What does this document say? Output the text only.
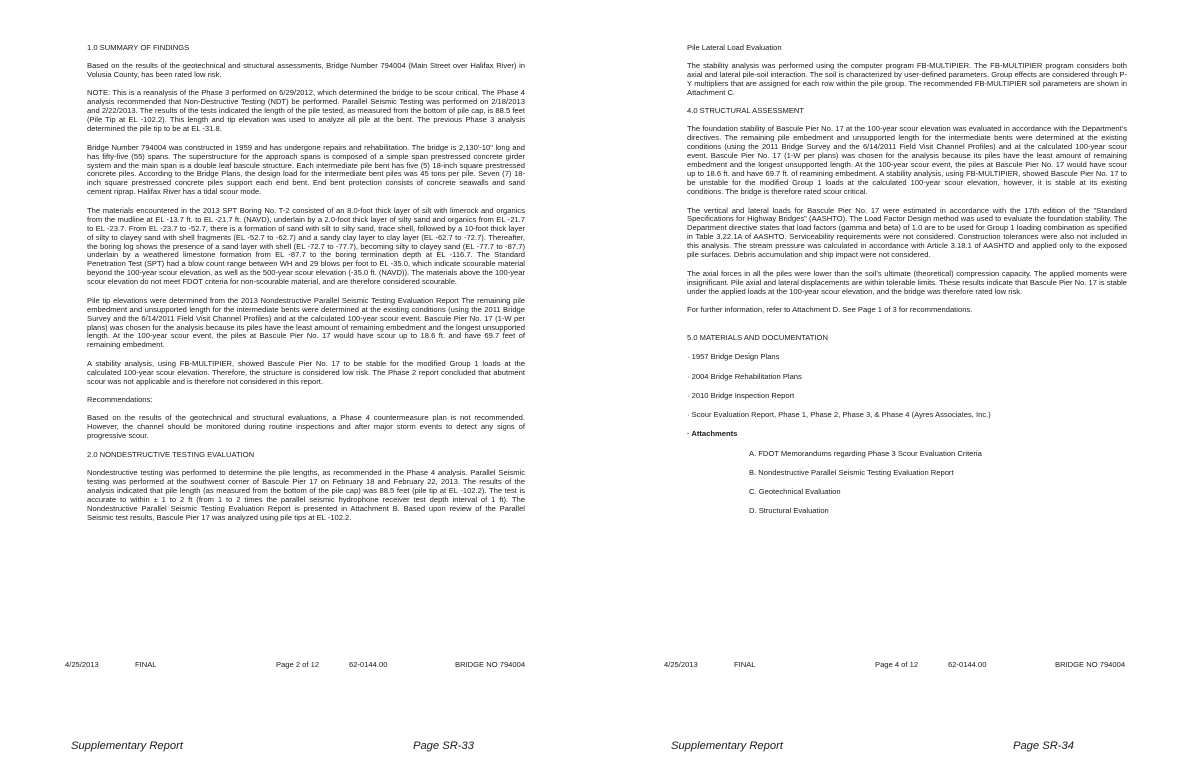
1.0 SUMMARY OF FINDINGS

Based on the results of the geotechnical and structural assessments, Bridge Number 794004 (Main Street over Halifax River) in Volusia County, has been rated low risk.

NOTE: This is a reanalysis of the Phase 3 performed on 6/29/2012, which determined the bridge to be scour critical. The Phase 4 analysis recommended that Non-Destructive Testing (NDT) be performed. Parallel Seismic Testing was performed on 2/18/2013 and 2/22/2013. The results of the tests indicated the length of the pile tested, as measured from the bottom of pile cap, is 88.5 feet (Pile Tip at EL -102.2). This length and tip elevation was used to analyze all pile at the bent. The previous Phase 3 analysis determined the pile tip to be at EL -31.8.

Bridge Number 794004 was constructed in 1959 and has undergone repairs and rehabilitation. The bridge is 2,130'-10" long and has fifty-five (55) spans. The superstructure for the approach spans is composed of a simple span prestressed concrete girder system and the main span is a double leaf bascule structure. Each intermediate pile bent has five (5) 18-inch square prestressed concrete piles. According to the Bridge Plans, the design load for the intermediate bent piles was 45 tons per pile. Seven (7) 18-inch square prestressed concrete piles support each end bent. End bent protection consists of concrete seawalls and sand cement riprap. Halifax River has a tidal scour mode.

The materials encountered in the 2013 SPT Boring No. T-2 consisted of an 8.0-foot thick layer of silt with limerock and organics from the mudline at EL -13.7 ft. to EL -21.7 ft. (NAVD), underlain by a 2.0-foot thick layer of silty sand and organics from EL -21.7 to EL -23.7. From EL -23.7 to -52.7, there is a formation of sand with silt to silty sand, trace shell, followed by a 10-foot thick layer of silty to clayey sand with shell fragments (EL -52.7 to -62.7) and a sandy clay layer to clay layer (EL -62.7 to -72.7). Thereafter, the boring log shows the presence of a sand layer with shell (EL -72.7 to -77.7), becoming silty to clayey sand (EL -77.7 to -87.7) underlain by a weathered limestone formation from EL -87.7 to the boring termination depth at EL -116.7. The Standard Penetration Test (SPT) had a blow count range between WH and 29 blows per foot to EL -35.0, which indicate scourable material beyond the 100-year scour elevation, as well as the 500-year scour elevation (-35.0 ft. (NAVD)). The materials above the 100-year scour elevation do not meet FDOT criteria for non-scourable material, and are therefore considered scourable.

Pile tip elevations were determined from the 2013 Nondestructive Parallel Seismic Testing Evaluation Report The remaining pile embedment and unsupported length for the intermediate bents were determined at the existing conditions (using the 2011 Bridge Survey and the 6/14/2011 Field Visit Channel Profiles) and at the calculated 100-year scour event. Bascule Pier No. 17 (1-W per plans) was chosen for the analysis because its piles have the least amount of remaining embedment and the longest unsupported length. At the 100-year scour event, the piles at Bascule Pier No. 17 would have scour up to 18.6 ft. and have 69.7 feet of remaining embedment.

A stability analysis, using FB-MULTIPIER, showed Bascule Pier No. 17 to be stable for the modified Group 1 loads at the calculated 100-year scour elevation. Therefore, the structure is considered low risk. The Phase 2 report concluded that abutment scour was not applicable and is therefore not considered in this report.

Recommendations:

Based on the results of the geotechnical and structural evaluations, a Phase 4 countermeasure plan is not recommended. However, the channel should be monitored during routine inspections and after major storm events to detect any signs of progressive scour.

2.0 NONDESTRUCTIVE TESTING EVALUATION

Nondestructive testing was performed to determine the pile lengths, as recommended in the Phase 4 analysis. Parallel Seismic testing was performed at the southwest corner of Bascule Pier 17 on February 18 and February 22, 2013. The results of the analysis indicated that pile length (as measured from the bottom of the pile cap) was 88.5 feet (pile tip at EL -102.2). The test is accurate to within ± 1 to 2 ft (from 1 to 2 times the parallel seismic hydrophone receiver test depth interval of 1 ft). The Nondestructive Parallel Seismic Testing Evaluation Report is presented in Attachment B. Based upon review of the Parallel Seismic test results, Bascule Pier 17 was analyzed using pile tips at EL -102.2.

4/25/2013	FINAL	Page 2 of 12	62-0144.00	BRIDGE NO 794004
Supplementary Report	Page SR-33
Pile Lateral Load Evaluation

The stability analysis was performed using the computer program FB-MULTIPIER. The FB-MULTIPIER program considers both axial and lateral pile-soil interaction. The soil is characterized by user-defined parameters. Group effects are considered through P-Y multipliers that are assigned for each row within the pile group. The recommended FB-MULTIPIER soil parameters are shown in Attachment C.

4.0 STRUCTURAL ASSESSMENT

The foundation stability of Bascule Pier No. 17 at the 100-year scour elevation was evaluated in accordance with the Department's directives. The remaining pile embedment and unsupported length for the intermediate bents were determined at the existing conditions (using the 2011 Bridge Survey and the 6/14/2011 Field Visit Channel Profiles) and at the calculated 100-year scour event. Bascule Pier No. 17 (1-W per plans) was chosen for the analysis because its piles have the least amount of remaining embedment and the longest unsupported length. At the 100-year scour event, the piles at Bascule Pier No. 17 would have scour up to 18.6 ft. and have 69.7 ft. of reamining embedment. A stability analysis, using FB-MULTIPIER, showed Bascule Pier No. 17 to be unstable for the modified Group 1 loads at the calculated 100-year scour elevation, however, it is stable at its existing conditions. The bridge is therefore rated scour critical.

The vertical and lateral loads for Bascule Pier No. 17 were estimated in accordance with the 17th edition of the "Standard Specifications for Highway Bridges" (AASHTO). The Load Factor Design method was used to evaluate the foundation stability. The Department directive states that load factors (gamma and beta) of 1.0 are to be used for Group 1 loading combination as specified in Table 3.22.1A of AASHTO. Serviceability requirements were not considered. Construction tolerances were also not included in this analysis. The stream pressure was calculated in accordance with Article 3.18.1 of AASHTO and applied only to the exposed pile surfaces. Debris accumulation and ship impact were not considered.

The axial forces in all the piles were lower than the soil's ultimate (theoretical) compression capacity. The applied moments were insignificant. Pile axial and lateral displacements are within tolerable limits. These results indicate that Bascule Pier No. 17 is stable under the applied loads at the 100-year scour elevation, and the bridge was therefore rated low risk.

For further information, refer to Attachment D. See Page 1 of 3 for recommendations.

5.0 MATERIALS AND DOCUMENTATION
· 1957 Bridge Design Plans
· 2004 Bridge Rehabilitation Plans
· 2010 Bridge Inspection Report
· Scour Evaluation Report, Phase 1, Phase 2, Phase 3, & Phase 4 (Ayres Associates, Inc.)
· Attachments
A. FDOT Memorandums regarding Phase 3 Scour Evaluation Criteria
B. Nondestructive Parallel Seismic Testing Evaluation Report
C. Geotechnical Evaluation
D. Structural Evaluation
4/25/2013	FINAL	Page 4 of 12	62-0144.00	BRIDGE NO 794004
Supplementary Report	Page SR-34
